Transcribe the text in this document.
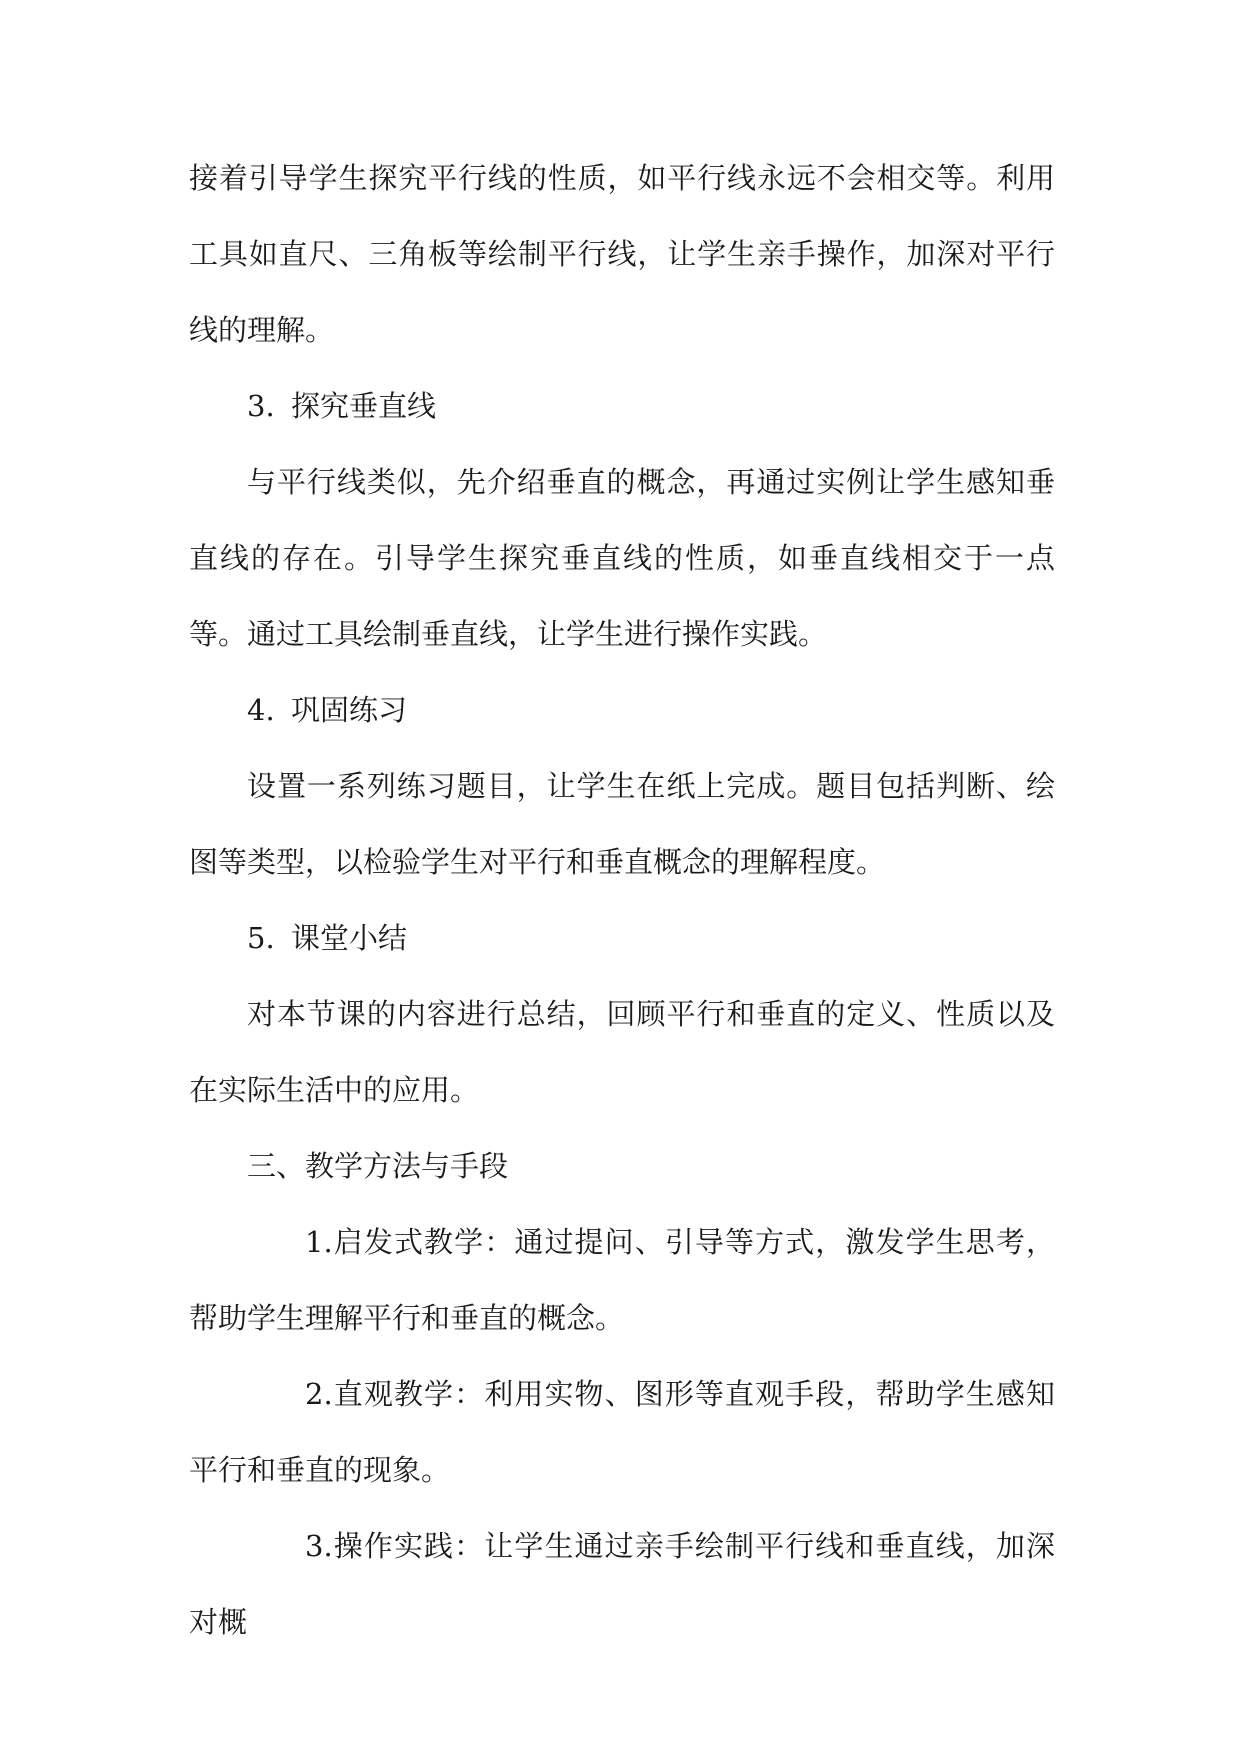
接着引导学生探究平行线的性质，如平行线永远不会相交等。利用工具如直尺、三角板等绘制平行线，让学生亲手操作，加深对平行线的理解。

3. 探究垂直线

与平行线类似，先介绍垂直的概念，再通过实例让学生感知垂直线的存在。引导学生探究垂直线的性质，如垂直线相交于一点等。通过工具绘制垂直线，让学生进行操作实践。

4. 巩固练习

设置一系列练习题目，让学生在纸上完成。题目包括判断、绘图等类型，以检验学生对平行和垂直概念的理解程度。

5. 课堂小结

对本节课的内容进行总结，回顾平行和垂直的定义、性质以及在实际生活中的应用。

三、教学方法与手段

1.启发式教学：通过提问、引导等方式，激发学生思考，帮助学生理解平行和垂直的概念。

2.直观教学：利用实物、图形等直观手段，帮助学生感知平行和垂直的现象。

3.操作实践：让学生通过亲手绘制平行线和垂直线，加深对概
